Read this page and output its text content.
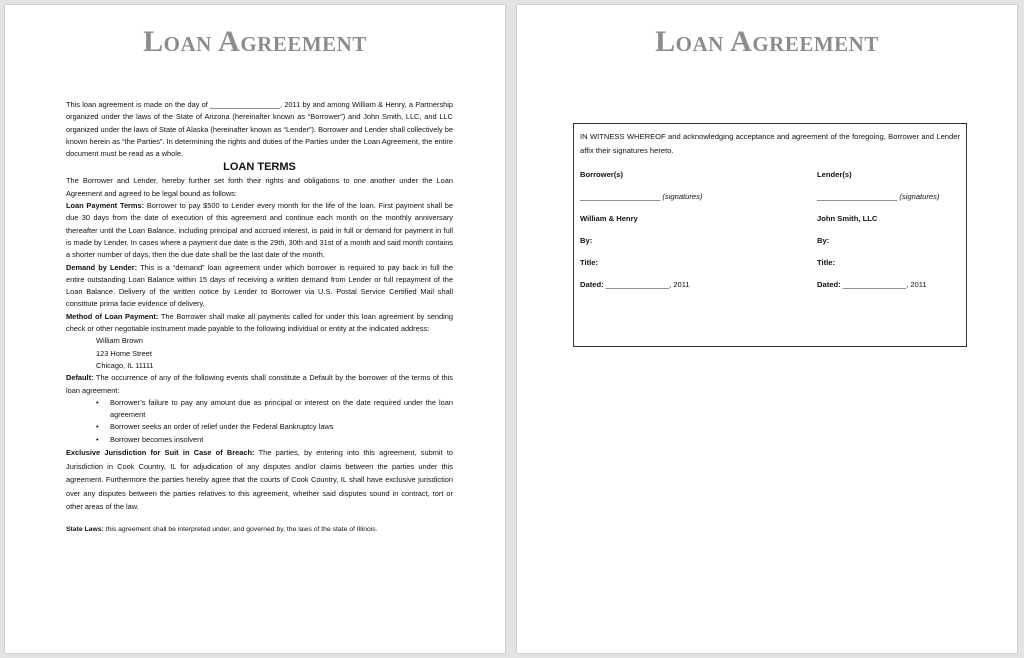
Loan Agreement

This loan agreement is made on the day of _________________, 2011 by and among William & Henry, a Partnership organized under the laws of the State of Arizona (hereinafter known as “Borrower”) and John Smith, LLC, and LLC organized under the laws of State of Alaska (hereinafter known as “Lender”). Borrower and Lender shall collectively be known herein as “the Parties”. In determining the rights and duties of the Parties under the Loan Agreement, the entire document must be read as a whole.

LOAN TERMS

The Borrower and Lender, hereby further set forth their rights and obligations to one another under the Loan Agreement and agreed to be legal bound as follows:

Loan Payment Terms: Borrower to pay $500 to Lender every month for the life of the loan. First payment shall be due 30 days from the date of execution of this agreement and continue each month on the monthly anniversary thereafter until the Loan Balance, including principal and accrued interest, is paid in full or demand for payment in full is made by Lender. In cases where a payment due date is the 29th, 30th and 31st of a month and said month contains a shorter number of days, then the due date shall be the last date of the month.

Demand by Lender: This is a “demand” loan agreement under which borrower is required to pay back in full the entire outstanding Loan Balance within 15 days of receiving a written demand from Lender or full repayment of the Loan Balance. Delivery of the written notice by Lender to Borrower via U.S. Postal Service Certified Mail shall constitute prima facie evidence of delivery.

Method of Loan Payment: The Borrower shall make all payments called for under this loan agreement by sending check or other negotiable instrument made payable to the following individual or entity at the indicated address:

William Brown
123 Home Street
Chicago, IL 11111

Default: The occurrence of any of the following events shall constitute a Default by the borrower of the terms of this loan agreement:

• Borrower’s failure to pay any amount due as principal or interest on the date required under the loan agreement
• Borrower seeks an order of relief under the Federal Bankruptcy laws
• Borrower becomes insolvent

Exclusive Jurisdiction for Suit in Case of Breach: The parties, by entering into this agreement, submit to Jurisdiction in Cook Country, IL for adjudication of any disputes and/or claims between the parties under this agreement. Furthermore the parties hereby agree that the courts of Cook Country, IL shall have exclusive jurisdiction over any disputes between the parties relatives to this agreement, whether said disputes sound in contract, tort or other areas of the law.

State Laws: this agreement shall be interpreted under, and governed by, the laws of the state of Illinois.

Loan Agreement

IN WITNESS WHEREOF and acknowledging acceptance and agreement of the foregoing, Borrower and Lender affix their signatures hereto.

Borrower(s)
___________________ (signatures)
William & Henry
By:
Title:
Dated: _______________, 2011
Lender(s)
___________________ (signatures)
John Smith, LLC
By:
Title:
Dated: _______________, 2011
